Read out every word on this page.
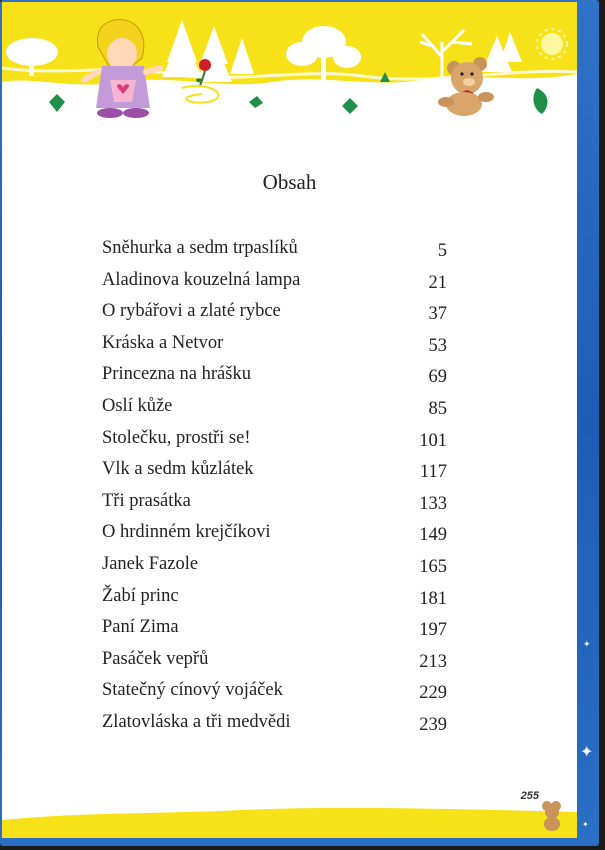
✦
✦
✦
Obsah
Sněhurka a sedm trpaslíků	5
Aladinova kouzelná lampa	21
O rybářovi a zlaté rybce	37
Kráska a Netvor	53
Princezna na hrášku	69
Oslí kůže	85
Stolečku, prostři se!	101
Vlk a sedm kůzlátek	117
Tři prasátka	133
O hrdinném krejčíkovi	149
Janek Fazole	165
Žabí princ	181
Paní Zima	197
Pasáček vepřů	213
Statečný cínový vojáček	229
Zlatovláska a tři medvědi	239
255
